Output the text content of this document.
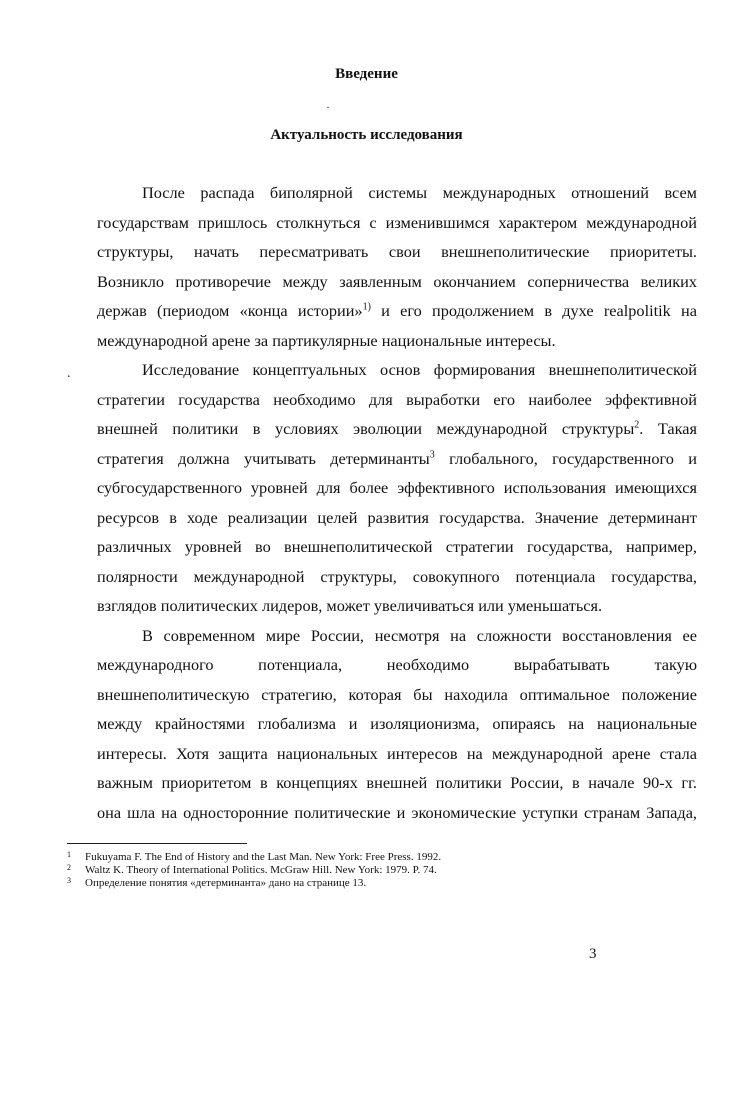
Введение
·
Актуальность исследования

После распада биполярной системы международных отношений всем
государствам пришлось столкнуться с изменившимся характером международной
структуры, начать пересматривать свои внешнеполитические приоритеты.
Возникло противоречие между заявленным окончанием соперничества великих
держав (периодом «конца истории»$^{1)}$ и его продолжением в духе realpolitik на
международной арене за партикулярные национальные интересы.

.	Исследование концептуальных основ формирования внешнеполитической
стратегии государства необходимо для выработки его наиболее эффективной
внешней политики в условиях эволюции международной структуры$^2$. Такая
стратегия должна учитывать детерминанты$^3$ глобального, государственного и
субгосударственного уровней для более эффективного использования имеющихся
ресурсов в ходе реализации целей развития государства. Значение детерминант
различных уровней во внешнеполитической стратегии государства, например,
полярности международной структуры, совокупного потенциала государства,
взглядов политических лидеров, может увеличиваться или уменьшаться.

В современном мире России, несмотря на сложности восстановления ее
международного потенциала, необходимо вырабатывать такую
внешнеполитическую стратегию, которая бы находила оптимальное положение
между крайностями глобализма и изоляционизма, опираясь на национальные
интересы. Хотя защита национальных интересов на международной арене стала
важным приоритетом в концепциях внешней политики России, в начале 90-х гг.
она шла на односторонние политические и экономические уступки странам Запада,

1 Fukuyama F. The End of History and the Last Man. New York: Free Press. 1992.
2 Waltz K. Theory of International Politics. McGraw Hill. New York: 1979. P. 74.
3 Определение понятия «детерминанта» дано на странице 13.
3
